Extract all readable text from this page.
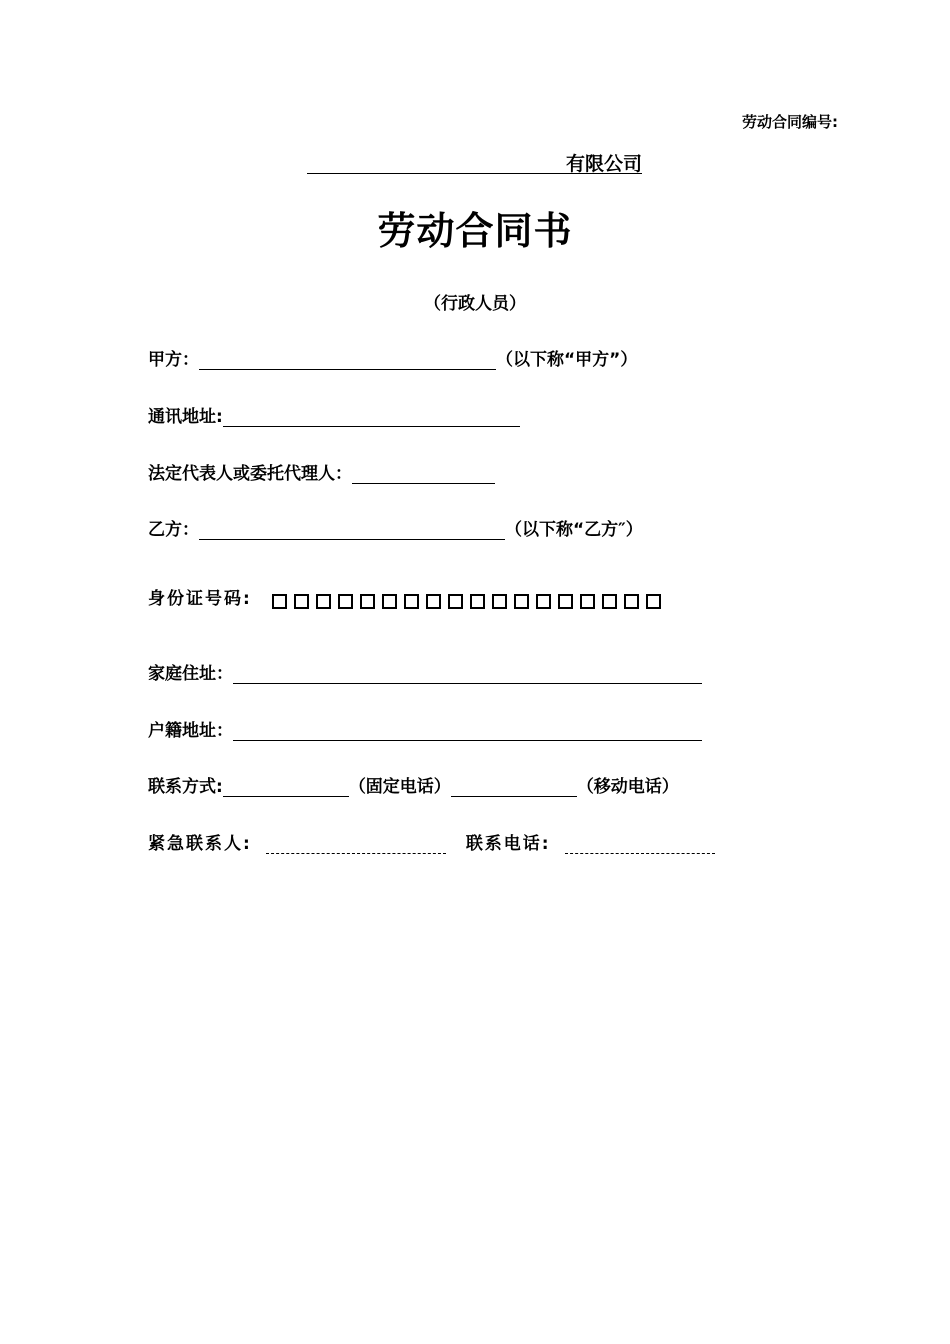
劳动合同编号:
有限公司
劳动合同书
（行政人员）
甲方：	（以下称“甲方”）
通讯地址:
法定代表人或委托代理人：
乙方：	（以下称“乙方″）
身份证号码:
家庭住址：
户籍地址：
联系方式:	（固定电话）	（移动电话）
紧急联系人:	联系电话:
